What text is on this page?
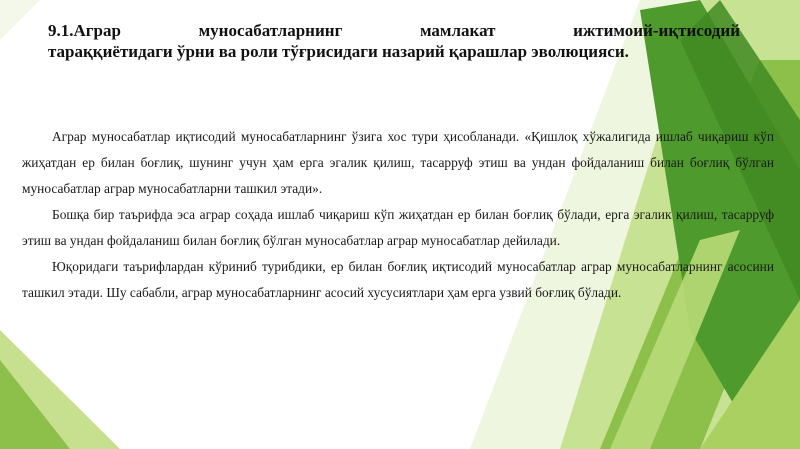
9.1.Аграр муносабатларнинг мамлакат ижтимоий-иқтисодий
тараққиётидаги ўрни ва роли тўғрисидаги назарий қарашлар эволюцияси.

Аграр муносабатлар иқтисодий муносабатларнинг ўзига хос тури ҳисобланади. «Қишлоқ хўжалигида ишлаб чиқариш кўп жиҳатдан ер билан боғлиқ, шунинг учун ҳам ерга эгалик қилиш, тасарруф этиш ва ундан фойдаланиш билан боғлиқ бўлган муносабатлар аграр муносабатларни ташкил этади».

Бошқа бир таърифда эса аграр соҳада ишлаб чиқариш кўп жиҳатдан ер билан боғлиқ бўлади, ерга эгалик қилиш, тасарруф этиш ва ундан фойдаланиш билан боғлиқ бўлган муносабатлар аграр муносабатлар дейилади.

Юқоридаги таърифлардан кўриниб турибдики, ер билан боғлиқ иқтисодий муносабатлар аграр муносабатларнинг асосини ташкил этади. Шу сабабли, аграр муносабатларнинг асосий хусусиятлари ҳам ерга узвий боғлиқ бўлади.
